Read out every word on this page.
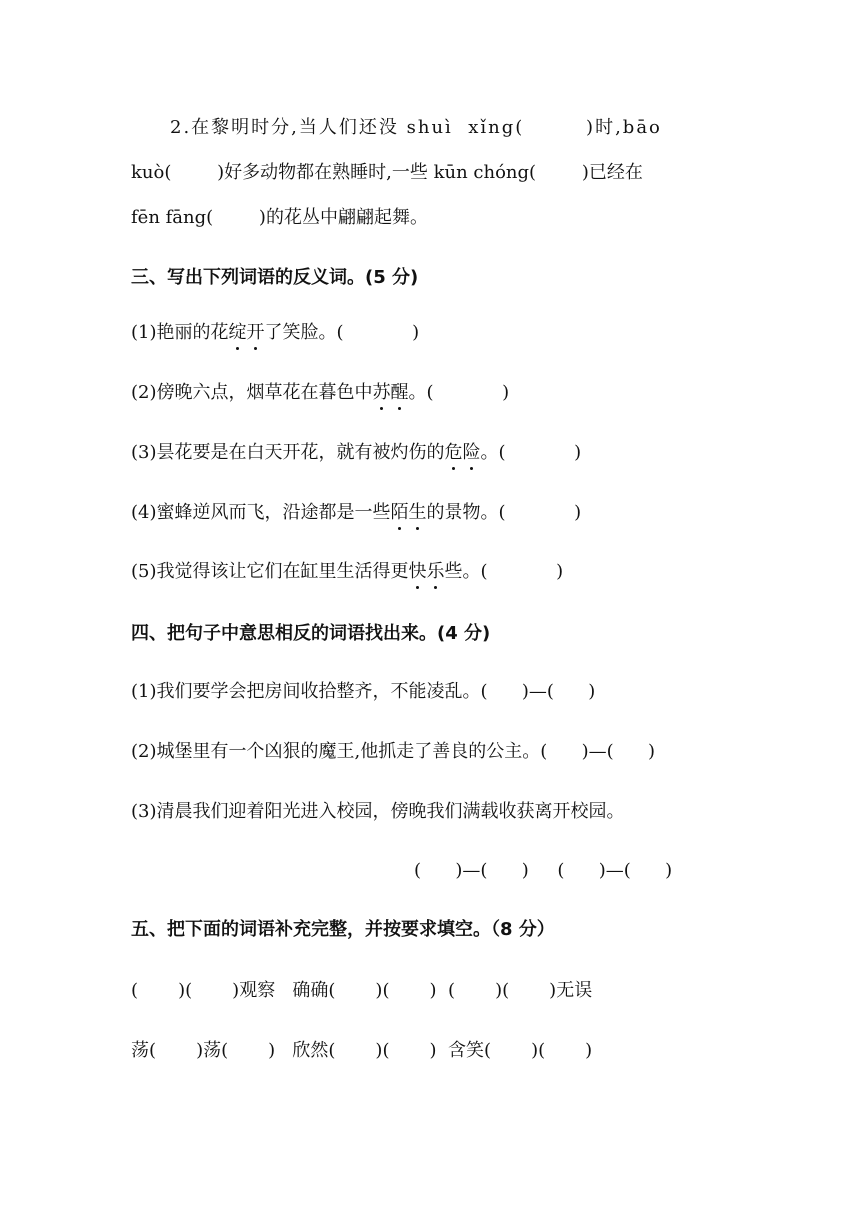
2.在黎明时分,当人们还没 shuì  xǐng(        )时,bāo
kuò(        )好多动物都在熟睡时,一些 kūn chóng(        )已经在
fēn fāng(        )的花丛中翩翩起舞。
三、写出下列词语的反义词。(5 分)
(1)艳丽的花绽开了笑脸。(            )
(2)傍晚六点，烟草花在暮色中苏醒。(            )
(3)昙花要是在白天开花，就有被灼伤的危险。(            )
(4)蜜蜂逆风而飞，沿途都是一些陌生的景物。(            )
(5)我觉得该让它们在缸里生活得更快乐些。(            )
四、把句子中意思相反的词语找出来。(4 分)
(1)我们要学会把房间收拾整齐，不能凌乱。(      )—(      )
(2)城堡里有一个凶狠的魔王,他抓走了善良的公主。(      )—(      )
(3)清晨我们迎着阳光进入校园，傍晚我们满载收获离开校园。
(      )—(      )     (      )—(      )
五、把下面的词语补充完整，并按要求填空。（8 分）
(       )(       )观察   确确(       )(       )  (       )(       )无误
荡(       )荡(       )   欣然(       )(       )  含笑(       )(       )
